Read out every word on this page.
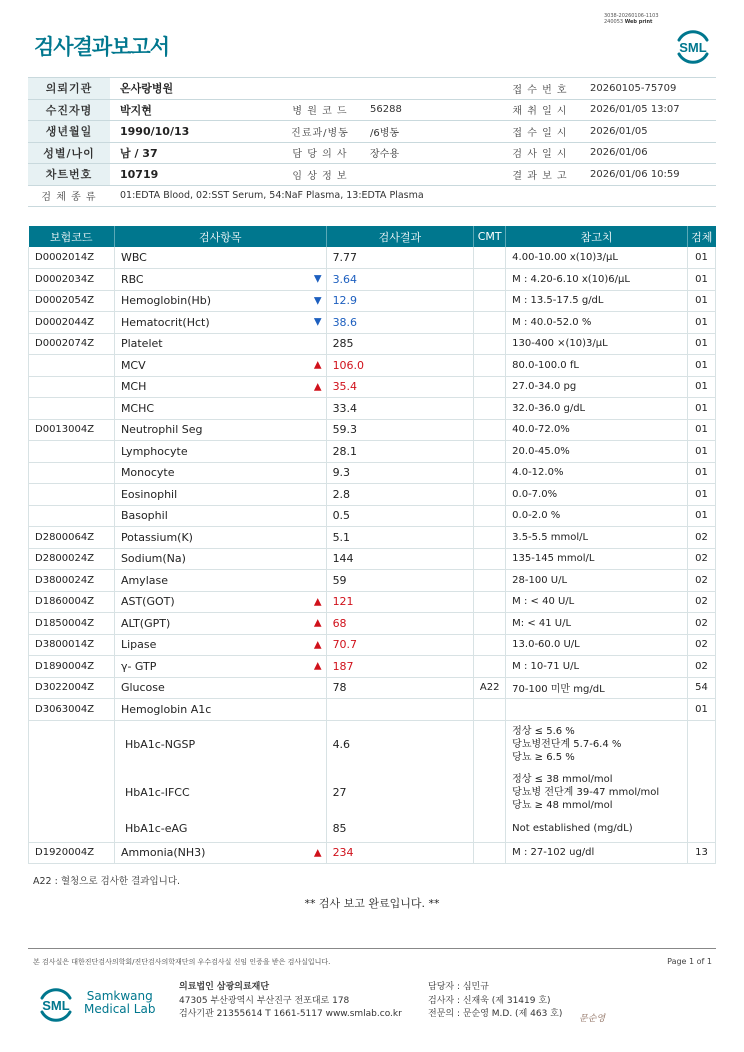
3038-20260106-1103
240053 Web print
검사결과보고서	SML
의뢰기관	온사랑병원			접 수 번 호	20260105-75709
수진자명	박지현	병 원 코 드	56288	채 취 일 시	2026/01/05 13:07
생년월일	1990/10/13	진료과/병동	/6병동	접 수 일 시	2026/01/05
성별/나이	남 / 37	담 당 의 사	장수용	검 사 일 시	2026/01/06
차트번호	10719	임 상 정 보		결 과 보 고	2026/01/06 10:59
검 체 종 류	01:EDTA Blood, 02:SST Serum, 54:NaF Plasma, 13:EDTA Plasma				
보험코드	검사항목	검사결과	CMT	참고치	검체
D0002014Z	WBC	7.77		4.00-10.00 x(10)3/μL	01
D0002034Z	RBC ▼	3.64		M : 4.20-6.10 x(10)6/μL	01
D0002054Z	Hemoglobin(Hb) ▼	12.9		M : 13.5-17.5 g/dL	01
D0002044Z	Hematocrit(Hct) ▼	38.6		M : 40.0-52.0 %	01
D0002074Z	Platelet	285		130-400 ×(10)3/μL	01
	MCV ▲	106.0		80.0-100.0 fL	01
	MCH ▲	35.4		27.0-34.0 pg	01
	MCHC	33.4		32.0-36.0 g/dL	01
D0013004Z	Neutrophil Seg	59.3		40.0-72.0%	01
	Lymphocyte	28.1		20.0-45.0%	01
	Monocyte	9.3		4.0-12.0%	01
	Eosinophil	2.8		0.0-7.0%	01
	Basophil	0.5		0.0-2.0 %	01
D2800064Z	Potassium(K)	5.1		3.5-5.5 mmol/L	02
D2800024Z	Sodium(Na)	144		135-145 mmol/L	02
D3800024Z	Amylase	59		28-100 U/L	02
D1860004Z	AST(GOT) ▲	121		M : < 40 U/L	02
D1850004Z	ALT(GPT) ▲	68		M: < 41 U/L	02
D3800014Z	Lipase ▲	70.7		13.0-60.0 U/L	02
D1890004Z	γ- GTP ▲	187		M : 10-71 U/L	02
D3022004Z	Glucose	78	A22	70-100 미만 mg/dL	54
D3063004Z	Hemoglobin A1c				01
	HbA1c-NGSP	4.6		정상 ≤ 5.6 %
당뇨병전단계 5.7-6.4 %
당뇨 ≥ 6.5 %	

	HbA1c-IFCC	27		정상 ≤ 38 mmol/mol
당뇨병 전단계 39-47 mmol/mol
당뇨 ≥ 48 mmol/mol	

	HbA1c-eAG	85		Not established (mg/dL)	
D1920004Z	Ammonia(NH3) ▲	234		M : 27-102 ug/dl	13
A22 : 혈청으로 검사한 결과입니다.
** 검사 보고 완료입니다. **
본 검사실은 대한진단검사의학회/진단검사의학재단의 우수검사실 신임 인증을 받은 검사실입니다.	Page 1 of 1
SML
Samkwang
Medical Lab
의료법인 삼광의료재단
47305 부산광역시 부산진구 전포대로 178
검사기관 21355614 T 1661-5117 www.smlab.co.kr
담당자 : 심민규
검사자 : 신재욱 (제 31419 호)
전문의 : 문순영 M.D. (제 463 호) 문순영
